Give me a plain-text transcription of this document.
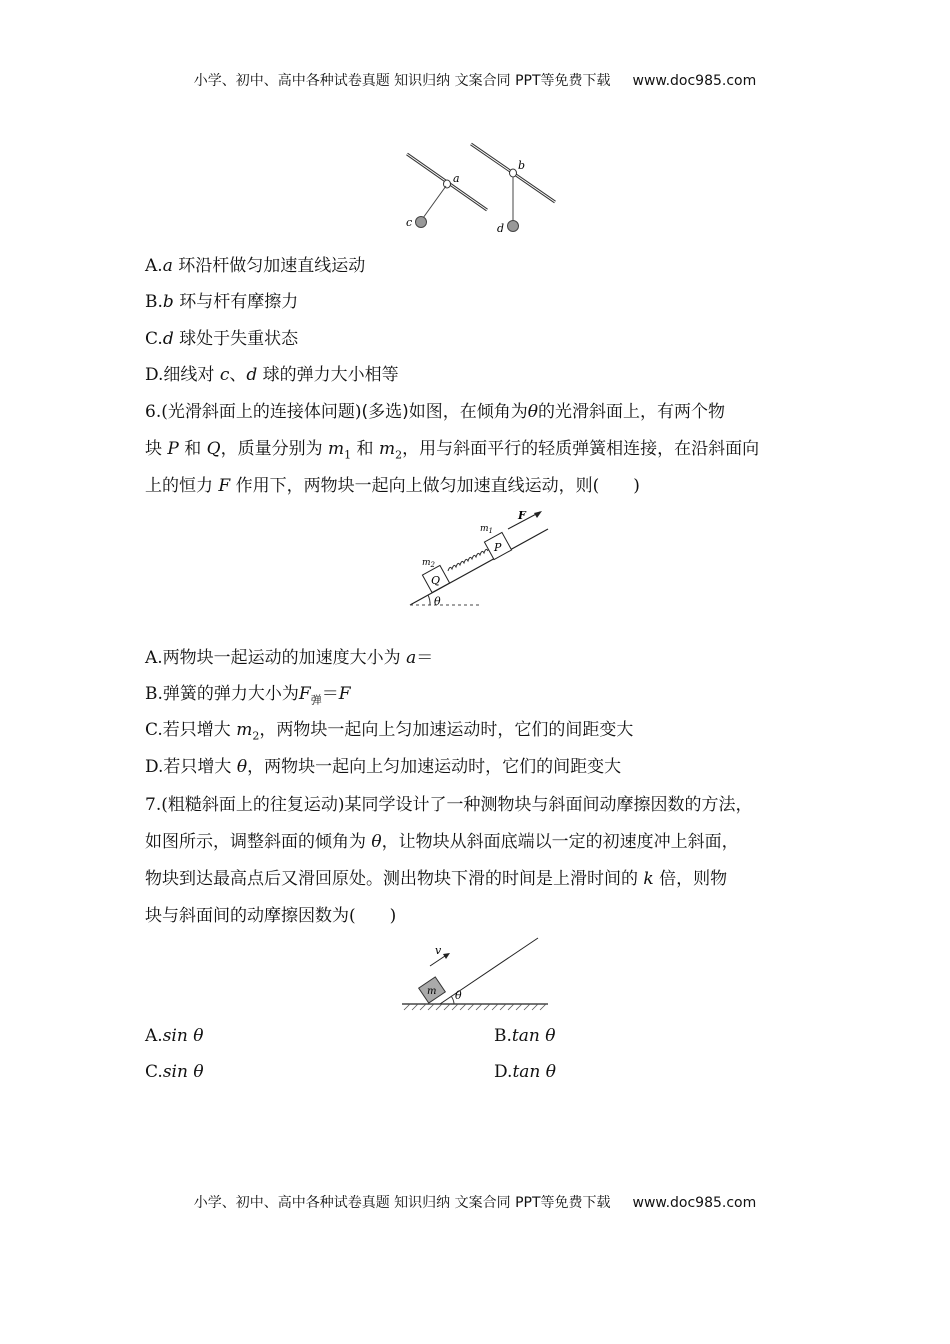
小学、初中、高中各种试卷真题 知识归纳 文案合同 PPT等免费下载 www.doc985.com
a
c
b
d
A.a 环沿杆做匀加速直线运动
B.b 环与杆有摩擦力
C.d 球处于失重状态
D.细线对 c、d 球的弹力大小相等
6.(光滑斜面上的连接体问题)(多选)如图，在倾角为θ的光滑斜面上，有两个物
块 P 和 Q，质量分别为 $m_1$ 和 $m_2$，用与斜面平行的轻质弹簧相连接，在沿斜面向
上的恒力 F 作用下，两物块一起向上做匀加速直线运动，则(　　)
θ
Q
$m_2$
P
$m_1$
F
A.两物块一起运动的加速度大小为 a＝
B.弹簧的弹力大小为$F_弹=F$
C.若只增大 $m_2$，两物块一起向上匀加速运动时，它们的间距变大
D.若只增大 θ，两物块一起向上匀加速运动时，它们的间距变大
7.(粗糙斜面上的往复运动)某同学设计了一种测物块与斜面间动摩擦因数的方法，
如图所示，调整斜面的倾角为 θ，让物块从斜面底端以一定的初速度冲上斜面，
物块到达最高点后又滑回原处。测出物块下滑的时间是上滑时间的 k 倍，则物
块与斜面间的动摩擦因数为(　　)
θ
m
v
A.sin θ	B.tan θ
C.sin θ	D.tan θ
小学、初中、高中各种试卷真题 知识归纳 文案合同 PPT等免费下载 www.doc985.com
